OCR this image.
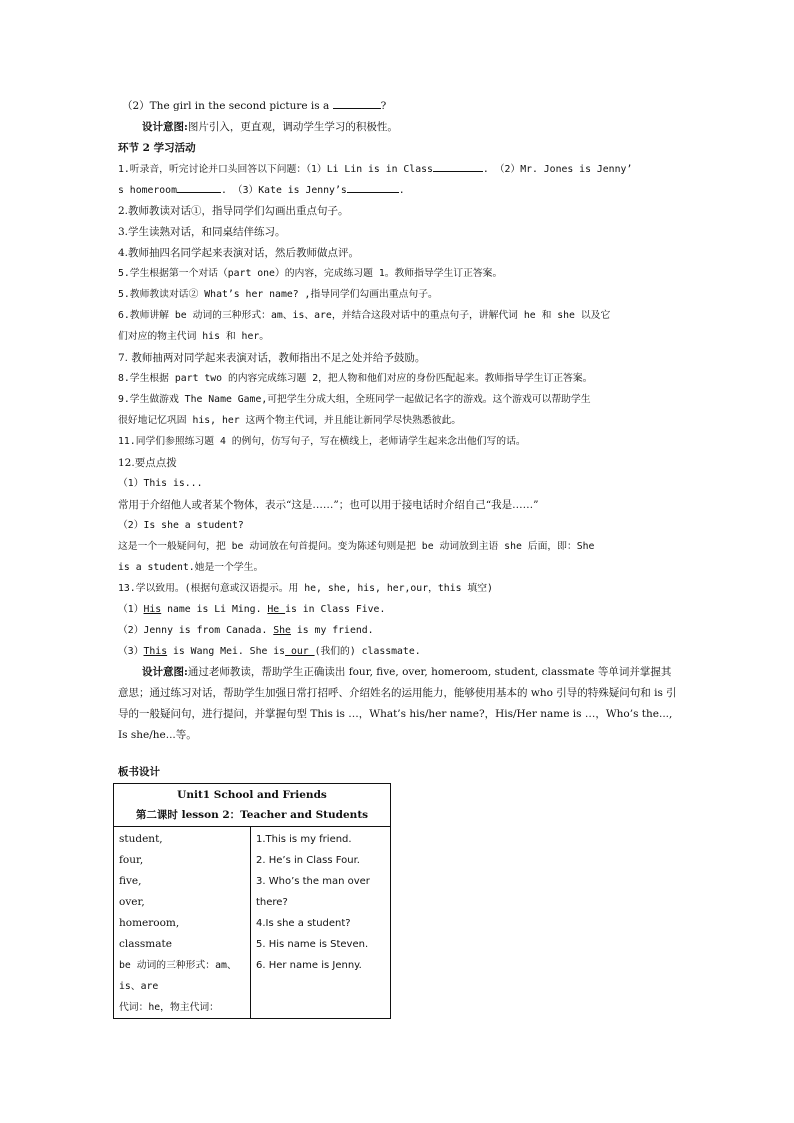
（2）The girl in the second picture is a	?
设计意图:图片引入，更直观，调动学生学习的积极性。
环节 2 学习活动
1.听录音，听完讨论并口头回答以下问题：（1）Li Lin is in Class	. （2）Mr. Jones is Jenny’
s homeroom	. （3）Kate is Jenny’s	.
2.教师教读对话①，指导同学们勾画出重点句子。
3.学生读熟对话，和同桌结伴练习。
4.教师抽四名同学起来表演对话，然后教师做点评。
5.学生根据第一个对话（part one）的内容，完成练习题 1。教师指导学生订正答案。
5.教师教读对话② What’s her name? ,指导同学们勾画出重点句子。
6.教师讲解 be 动词的三种形式：am、is、are，并结合这段对话中的重点句子，讲解代词 he 和 she 以及它
们对应的物主代词 his 和 her。
7. 教师抽两对同学起来表演对话，教师指出不足之处并给予鼓励。
8.学生根据 part two 的内容完成练习题 2，把人物和他们对应的身份匹配起来。教师指导学生订正答案。
9.学生做游戏 The Name Game,可把学生分成大组，全班同学一起做记名字的游戏。这个游戏可以帮助学生
很好地记忆巩固 his, her 这两个物主代词，并且能让新同学尽快熟悉彼此。
11.同学们参照练习题 4 的例句，仿写句子，写在横线上，老师请学生起来念出他们写的话。
12.要点点拨
（1）This is...
常用于介绍他人或者某个物体，表示“这是……”；也可以用于接电话时介绍自己“我是……”
（2）Is she a student?
这是一个一般疑问句，把 be 动词放在句首提问。变为陈述句则是把 be 动词放到主语 she 后面，即：She
is a student.她是一个学生。
13.学以致用。(根据句意或汉语提示。用 he, she, his, her,our，this 填空)
（1）His name is Li Ming. He is in Class Five.
（2）Jenny is from Canada. She is my friend.
（3）This is Wang Mei. She is our (我们的) classmate.
设计意图:通过老师教读，帮助学生正确读出 four, five, over, homeroom, student, classmate 等单词并掌握其意思；通过练习对话，帮助学生加强日常打招呼、介绍姓名的运用能力，能够使用基本的 who 引导的特殊疑问句和 is 引导的一般疑问句，进行提问，并掌握句型 This is …，What’s his/her name?，His/Her name is …，Who’s the..., Is she/he...等。
板书设计
Unit1 School and Friends
第二课时 lesson 2：Teacher and Students

student,
four,
five,
over,
homeroom,
classmate
be 动词的三种形式：am、
is、are
代词：he，物主代词：

1.This is my friend.
2. He’s in Class Four.
3. Who’s the man over
there?
4.Is she a student?
5. His name is Steven.
6. Her name is Jenny.
